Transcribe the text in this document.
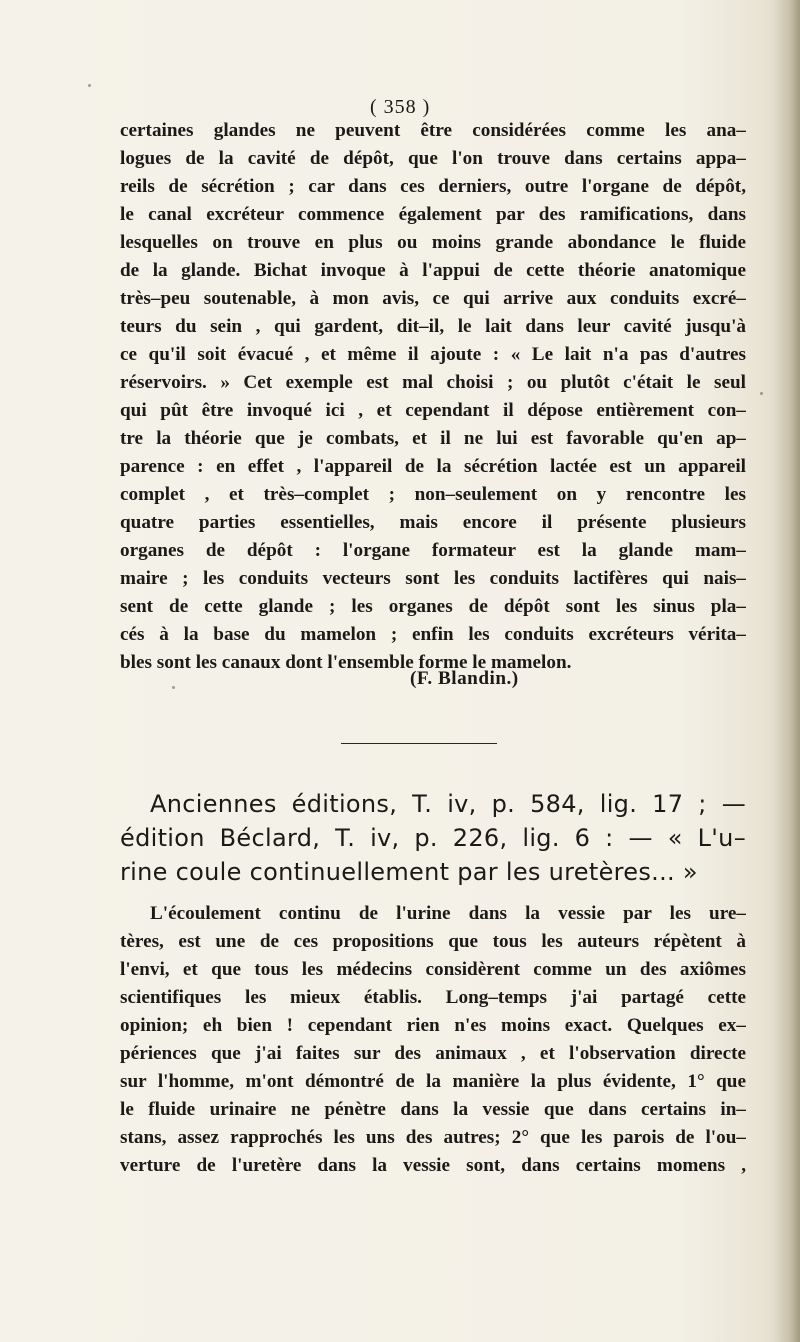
( 358 )
certaines glandes ne peuvent être considérées comme les ana–
logues de la cavité de dépôt, que l'on trouve dans certains appa–
reils de sécrétion ; car dans ces derniers, outre l'organe de dépôt,
le canal excréteur commence également par des ramifications, dans
lesquelles on trouve en plus ou moins grande abondance le fluide
de la glande. Bichat invoque à l'appui de cette théorie anatomique
très–peu soutenable, à mon avis, ce qui arrive aux conduits excré–
teurs du sein , qui gardent, dit–il, le lait dans leur cavité jusqu'à
ce qu'il soit évacué , et même il ajoute : « Le lait n'a pas d'autres
réservoirs. » Cet exemple est mal choisi ; ou plutôt c'était le seul
qui pût être invoqué ici , et cependant il dépose entièrement con–
tre la théorie que je combats, et il ne lui est favorable qu'en ap–
parence : en effet , l'appareil de la sécrétion lactée est un appareil
complet , et très–complet ; non–seulement on y rencontre les
quatre parties essentielles, mais encore il présente plusieurs
organes de dépôt : l'organe formateur est la glande mam–
maire ; les conduits vecteurs sont les conduits lactifères qui nais–
sent de cette glande ; les organes de dépôt sont les sinus pla–
cés à la base du mamelon ; enfin les conduits excréteurs vérita–
bles sont les canaux dont l'ensemble forme le mamelon.
(F. Blandin.)
Anciennes éditions, T. iv, p. 584, lig. 17 ; —
édition Béclard, T. iv, p. 226, lig. 6 : — « L'u–
rine coule continuellement par les uretères... »
L'écoulement continu de l'urine dans la vessie par les ure–
tères, est une de ces propositions que tous les auteurs répètent à
l'envi, et que tous les médecins considèrent comme un des axiômes
scientifiques les mieux établis. Long–temps j'ai partagé cette
opinion; eh bien ! cependant rien n'es moins exact. Quelques ex–
périences que j'ai faites sur des animaux , et l'observation directe
sur l'homme, m'ont démontré de la manière la plus évidente, 1° que
le fluide urinaire ne pénètre dans la vessie que dans certains in–
stans, assez rapprochés les uns des autres; 2° que les parois de l'ou–
verture de l'uretère dans la vessie sont, dans certains momens ,
